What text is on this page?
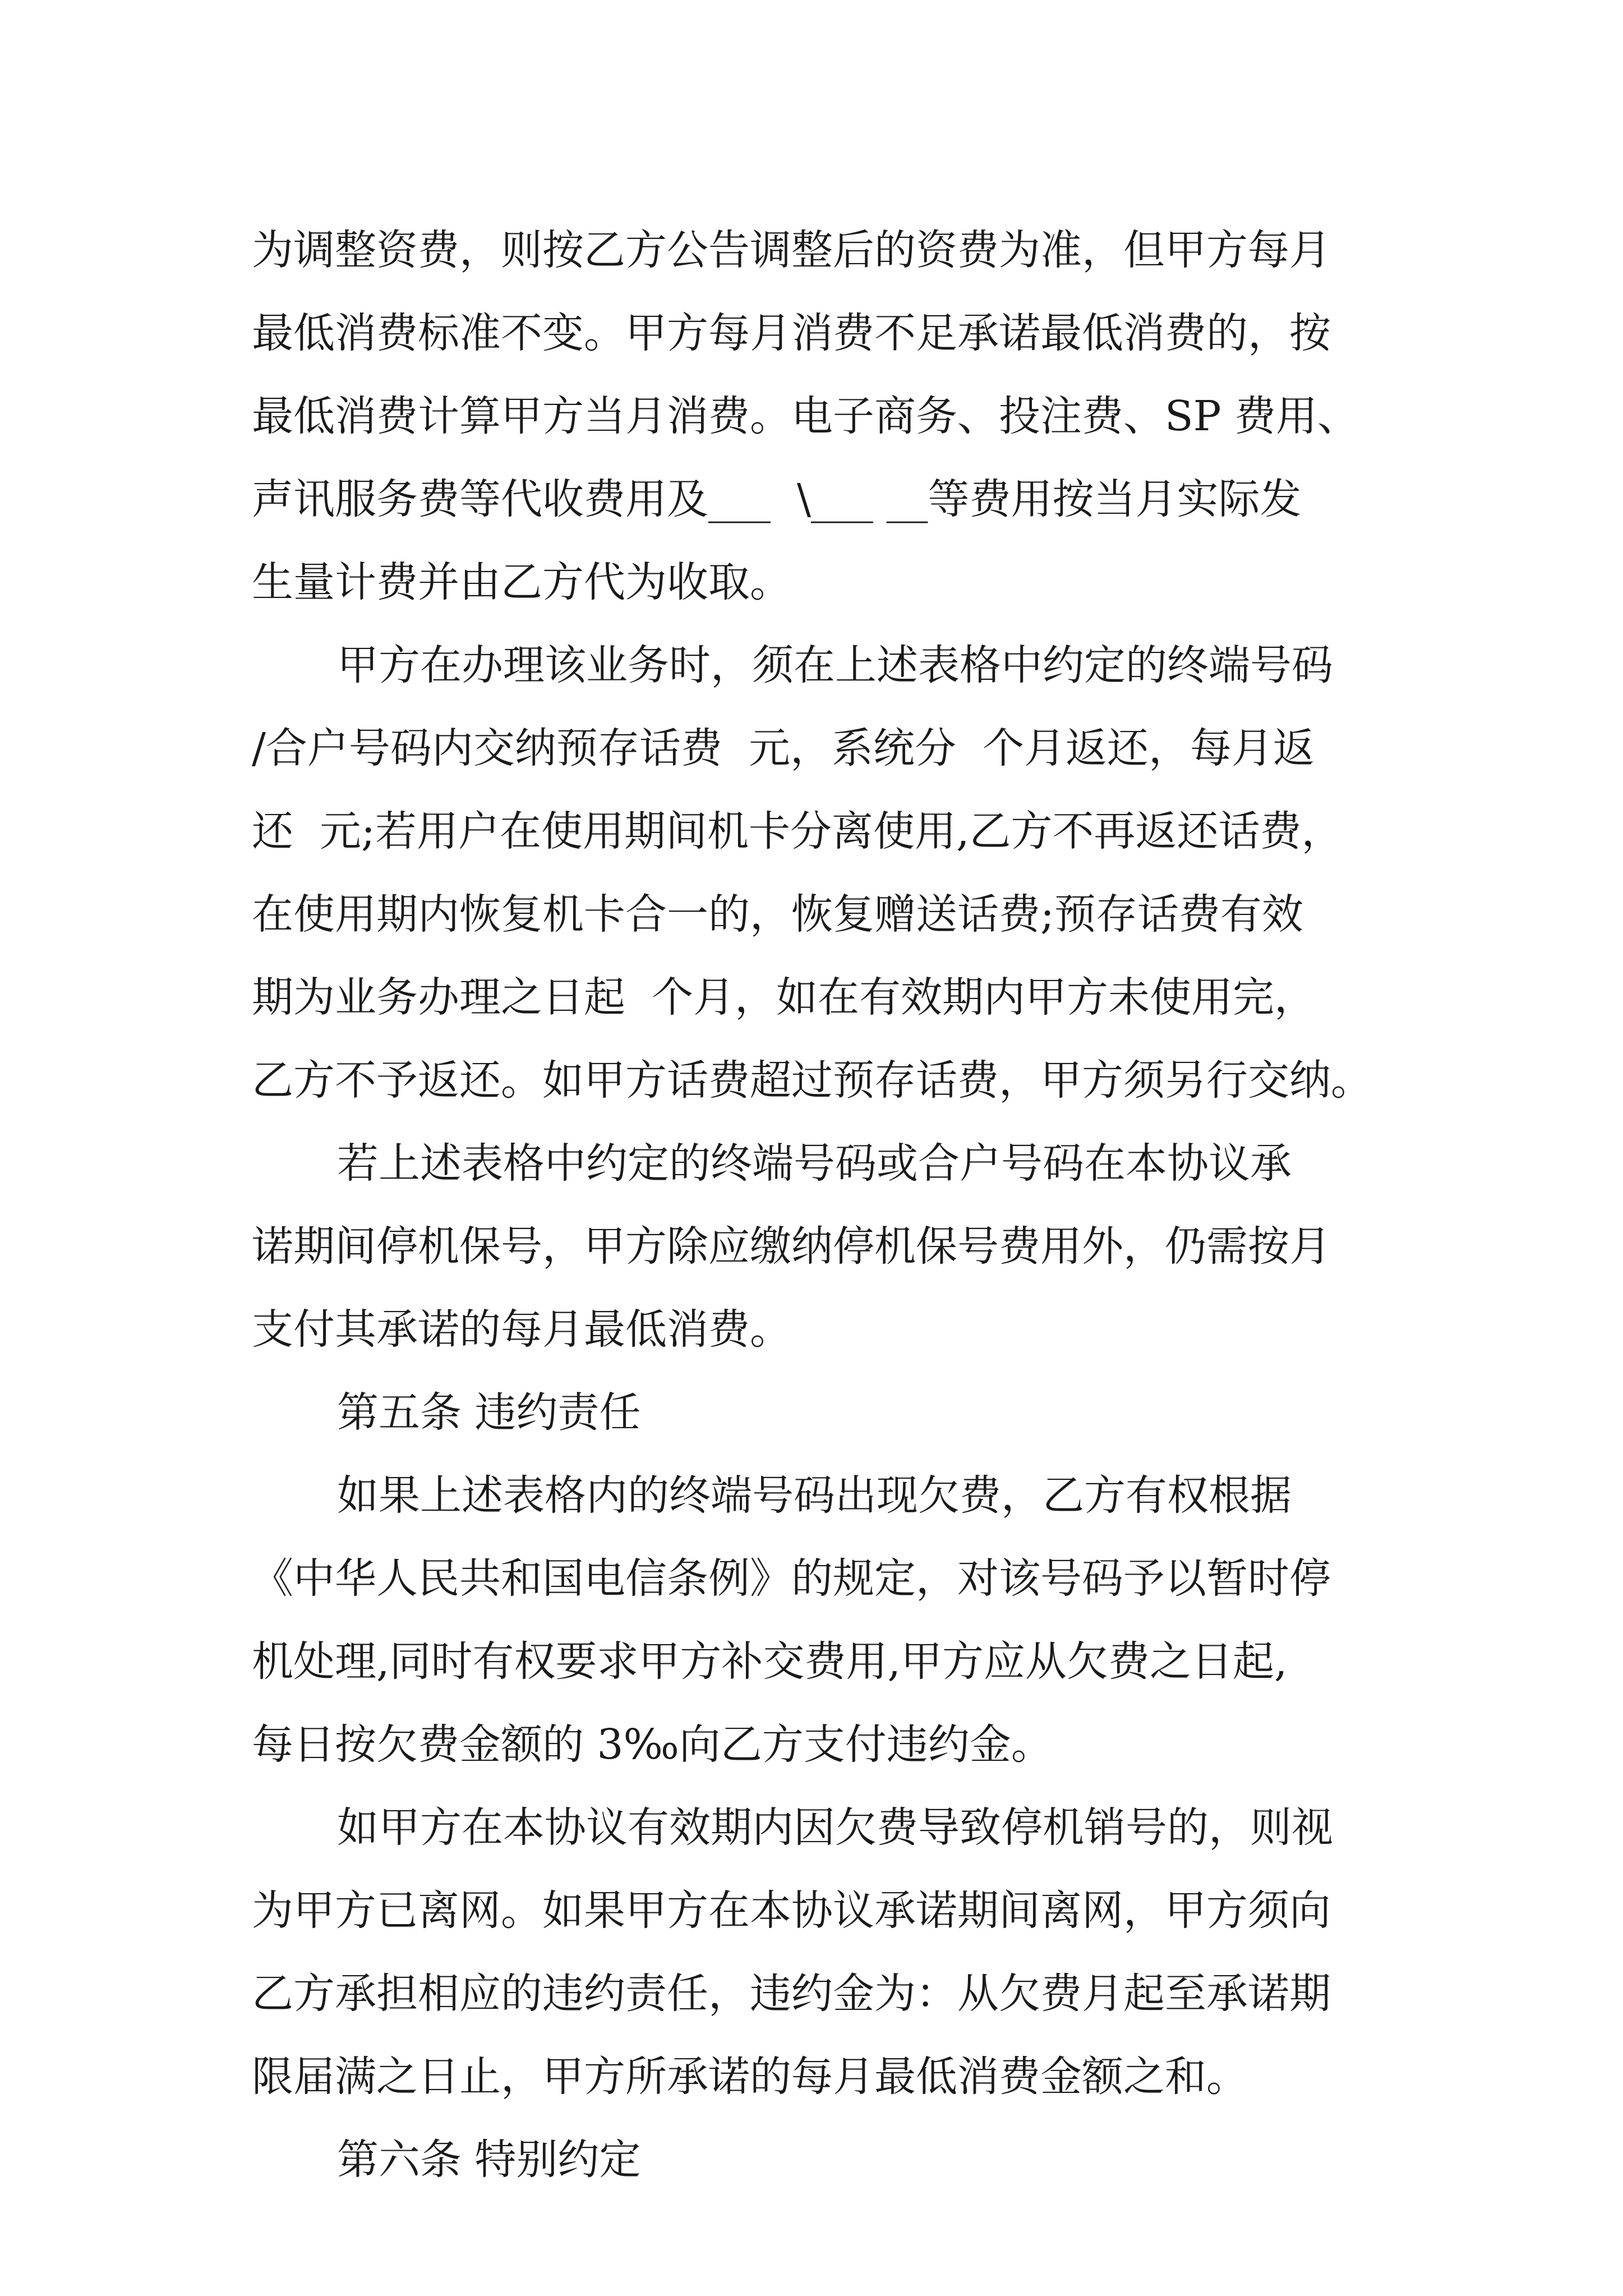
为调整资费，则按乙方公告调整后的资费为准，但甲方每月
最低消费标准不变。甲方每月消费不足承诺最低消费的，按
最低消费计算甲方当月消费。电子商务、投注费、SP 费用、
声讯服务费等代收费用及___  \___ __等费用按当月实际发
生量计费并由乙方代为收取。
甲方在办理该业务时，须在上述表格中约定的终端号码
/合户号码内交纳预存话费  元，系统分  个月返还，每月返
还  元;若用户在使用期间机卡分离使用,乙方不再返还话费，
在使用期内恢复机卡合一的，恢复赠送话费;预存话费有效
期为业务办理之日起  个月，如在有效期内甲方未使用完，
乙方不予返还。如甲方话费超过预存话费，甲方须另行交纳。
若上述表格中约定的终端号码或合户号码在本协议承
诺期间停机保号，甲方除应缴纳停机保号费用外，仍需按月
支付其承诺的每月最低消费。
第五条 违约责任
如果上述表格内的终端号码出现欠费，乙方有权根据
《中华人民共和国电信条例》的规定，对该号码予以暂时停
机处理,同时有权要求甲方补交费用,甲方应从欠费之日起,
每日按欠费金额的 3‰向乙方支付违约金。
如甲方在本协议有效期内因欠费导致停机销号的，则视
为甲方已离网。如果甲方在本协议承诺期间离网，甲方须向
乙方承担相应的违约责任，违约金为：从欠费月起至承诺期
限届满之日止，甲方所承诺的每月最低消费金额之和。
第六条 特别约定
